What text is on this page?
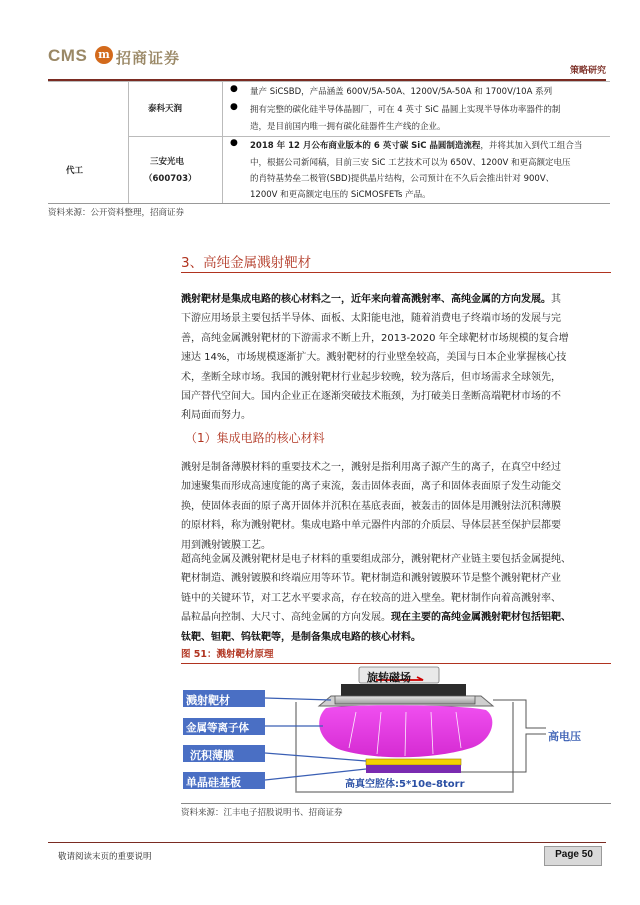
CMS m 招商证券
策略研究
泰科天润
● 量产 SiCSBD，产品涵盖 600V/5A-50A、1200V/5A-50A 和 1700V/10A 系列
● 拥有完整的碳化硅半导体晶圆厂，可在 4 英寸 SiC 晶圆上实现半导体功率器件的制
造，是目前国内唯一拥有碳化硅器件生产线的企业。
代工
三安光电
（600703）
● 2018 年 12 月公布商业版本的 6 英寸碳 SiC 晶圆制造流程，并将其加入到代工组合当
中，根据公司新闻稿，目前三安 SiC 工艺技术可以为 650V、1200V 和更高额定电压
的肖特基势垒二极管(SBD)提供晶片结构，公司预计在不久后会推出针对 900V、
1200V 和更高额定电压的 SiCMOSFETs 产品。
资料来源：公开资料整理，招商证券
3、高纯金属溅射靶材
溅射靶材是集成电路的核心材料之一，近年来向着高溅射率、高纯金属的方向发展。其
下游应用场景主要包括半导体、面板、太阳能电池，随着消费电子终端市场的发展与完
善，高纯金属溅射靶材的下游需求不断上升，2013-2020 年全球靶材市场规模的复合增
速达 14%，市场规模逐渐扩大。溅射靶材的行业壁垒较高，美国与日本企业掌握核心技
术，垄断全球市场。我国的溅射靶材行业起步较晚，较为落后，但市场需求全球领先，
国产替代空间大。国内企业正在逐渐突破技术瓶颈，为打破美日垄断高端靶材市场的不
利局面而努力。
（1）集成电路的核心材料
溅射是制备薄膜材料的重要技术之一，溅射是指利用离子源产生的离子，在真空中经过
加速聚集而形成高速度能的离子束流，轰击固体表面，离子和固体表面原子发生动能交
换，使固体表面的原子离开固体并沉积在基底表面，被轰击的固体是用溅射法沉积薄膜
的原材料，称为溅射靶材。集成电路中单元器件内部的介质层、导体层甚至保护层都要
用到溅射镀膜工艺。
超高纯金属及溅射靶材是电子材料的重要组成部分，溅射靶材产业链主要包括金属提纯、
靶材制造、溅射镀膜和终端应用等环节。靶材制造和溅射镀膜环节是整个溅射靶材产业
链中的关键环节，对工艺水平要求高，存在较高的进入壁垒。靶材制作向着高溅射率、
晶粒晶向控制、大尺寸、高纯金属的方向发展。现在主要的高纯金属溅射靶材包括铝靶、
钛靶、钽靶、钨钛靶等，是制备集成电路的核心材料。
图 51：溅射靶材原理
旋转磁场
溅射靶材
金属等离子体
沉积薄膜
单晶硅基板
高电压
高真空腔体:5*10e-8torr
资料来源：江丰电子招股说明书、招商证券
敬请阅读末页的重要说明	Page 50
